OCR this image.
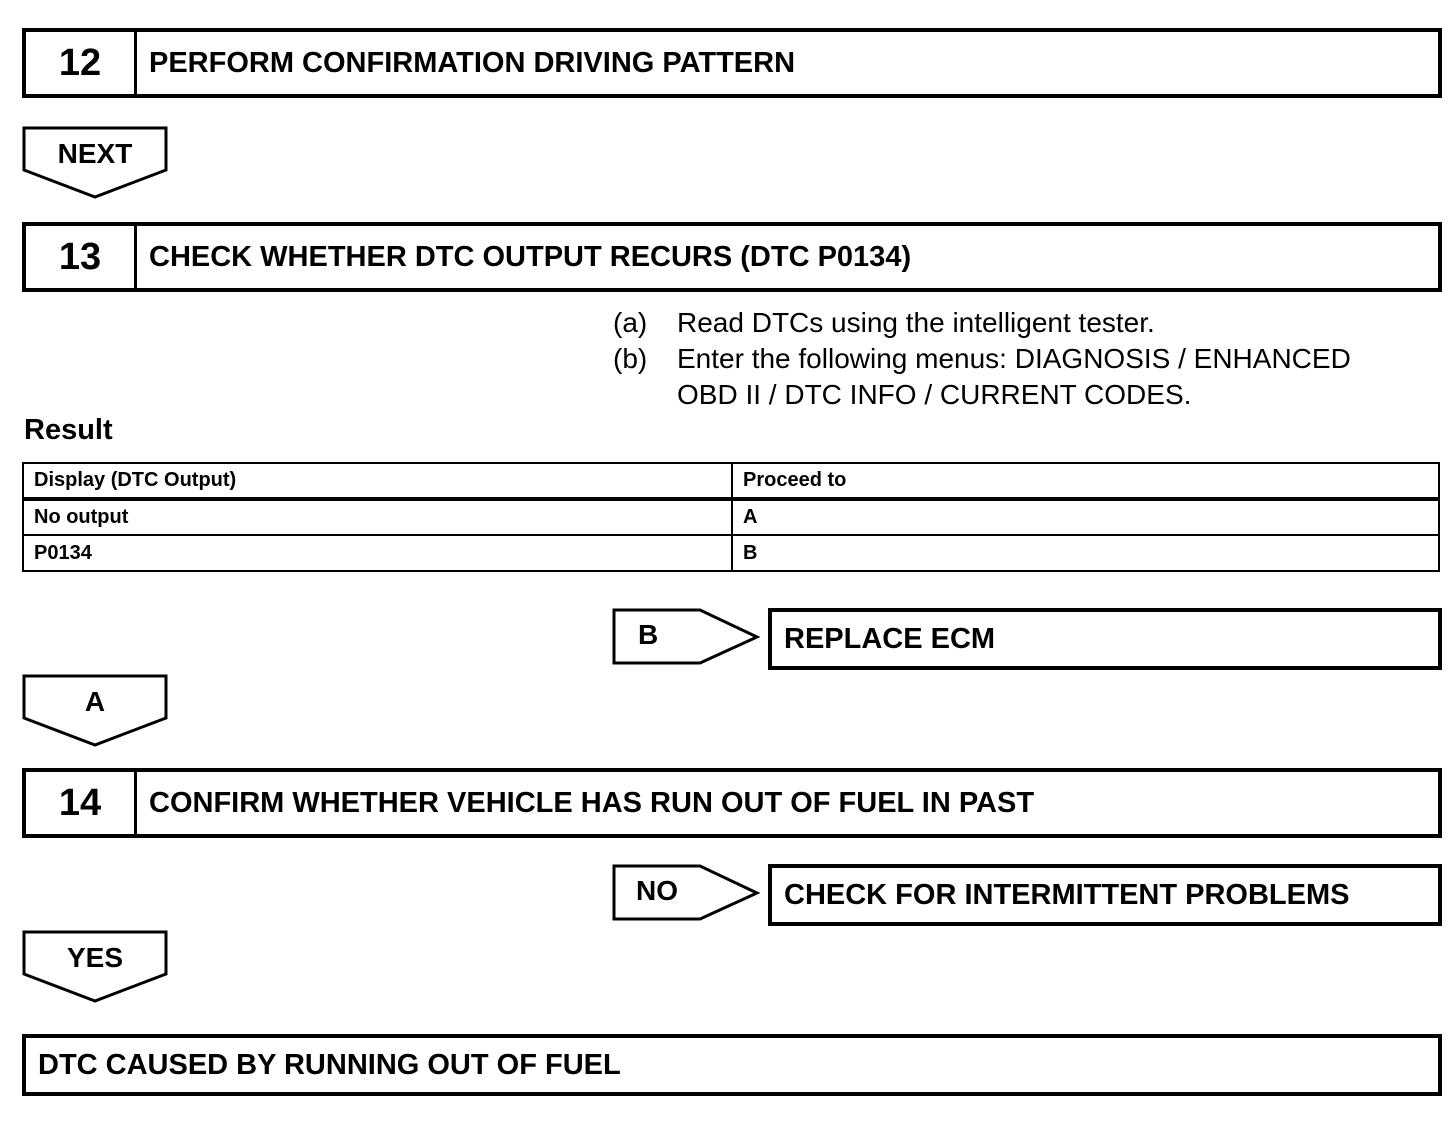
12	PERFORM CONFIRMATION DRIVING PATTERN
NEXT
13	CHECK WHETHER DTC OUTPUT RECURS (DTC P0134)
(a)	Read DTCs using the intelligent tester.
(b)	Enter the following menus: DIAGNOSIS / ENHANCED
OBD II / DTC INFO / CURRENT CODES.
Result
Display (DTC Output)	Proceed to
No output	A
P0134	B
B	REPLACE ECM
A
14	CONFIRM WHETHER VEHICLE HAS RUN OUT OF FUEL IN PAST
NO	CHECK FOR INTERMITTENT PROBLEMS
YES
DTC CAUSED BY RUNNING OUT OF FUEL
